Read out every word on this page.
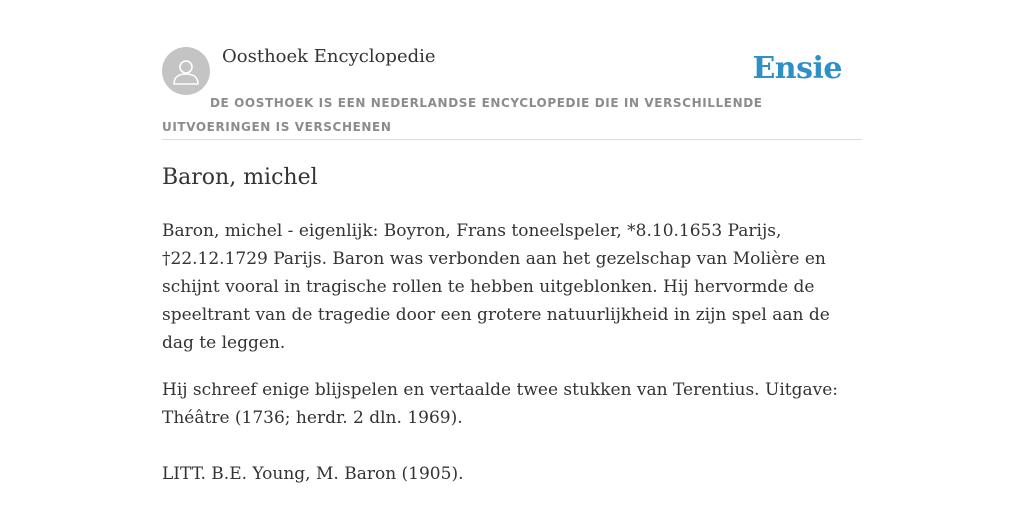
Oosthoek Encyclopedie	Ensie

DE OOSTHOEK IS EEN NEDERLANDSE ENCYCLOPEDIE DIE IN VERSCHILLENDE UITVOERINGEN IS VERSCHENEN

Baron, michel

Baron, michel - eigenlijk: Boyron, Frans toneelspeler, *8.10.1653 Parijs, †22.12.1729 Parijs. Baron was verbonden aan het gezelschap van Molière en schijnt vooral in tragische rollen te hebben uitgeblonken. Hij hervormde de speeltrant van de tragedie door een grotere natuurlijkheid in zijn spel aan de dag te leggen.

Hij schreef enige blijspelen en vertaalde twee stukken van Terentius. Uitgave: Théâtre (1736; herdr. 2 dln. 1969).

LITT. B.E. Young, M. Baron (1905).
